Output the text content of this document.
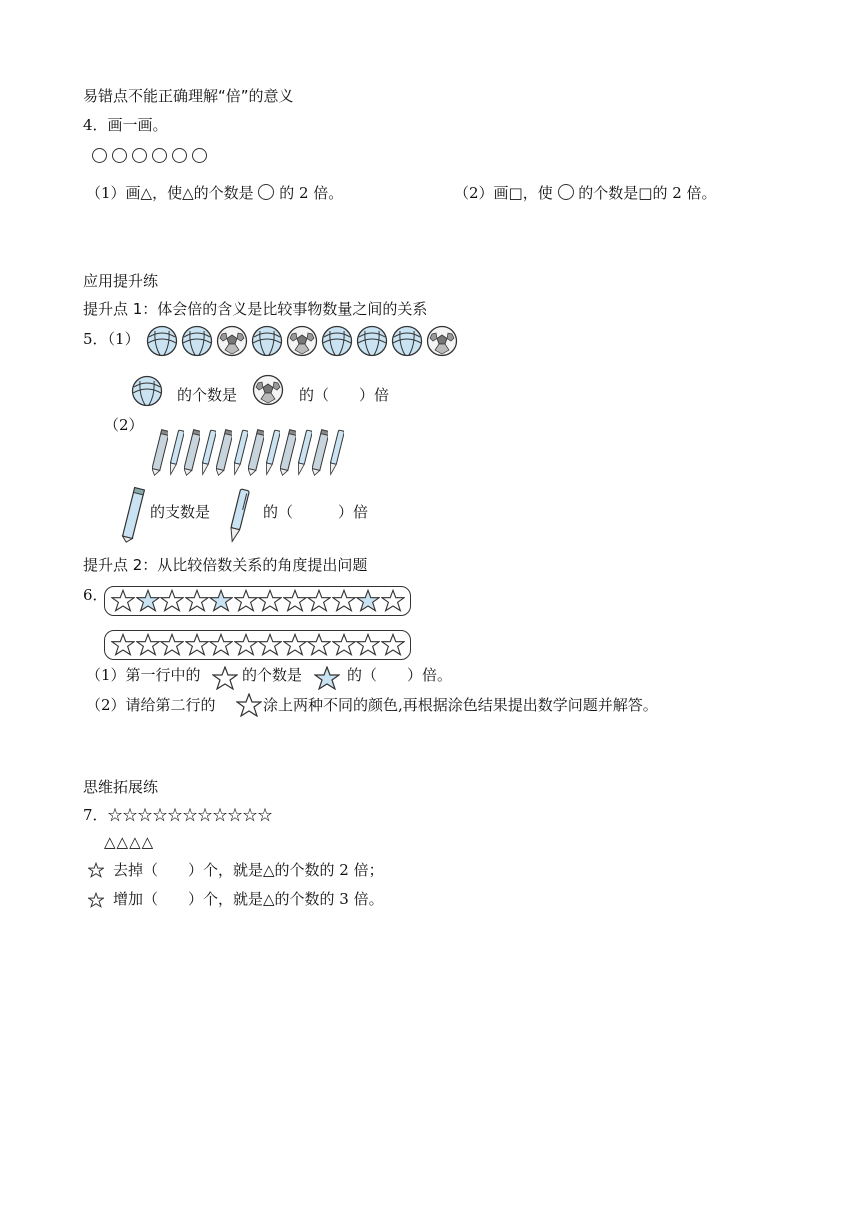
易错点不能正确理解“倍”的意义
4．画一画。
（1）画△，使△的个数是 的 2 倍。	（2）画□，使 的个数是□的 2 倍。
应用提升练
提升点 1：体会倍的含义是比较事物数量之间的关系
5．（1）
的个数是	的（　　）倍
（2）
的支数是	的（　　　）倍
提升点 2：从比较倍数关系的角度提出问题
6．
（1）第一行中的	的个数是	的（　　）倍。
（2）请给第二行的	涂上两种不同的颜色,再根据涂色结果提出数学问题并解答。
思维拓展练
7．☆☆☆☆☆☆☆☆☆☆☆
△△△△
去掉（　　）个，就是△的个数的 2 倍；
增加（　　）个，就是△的个数的 3 倍。
